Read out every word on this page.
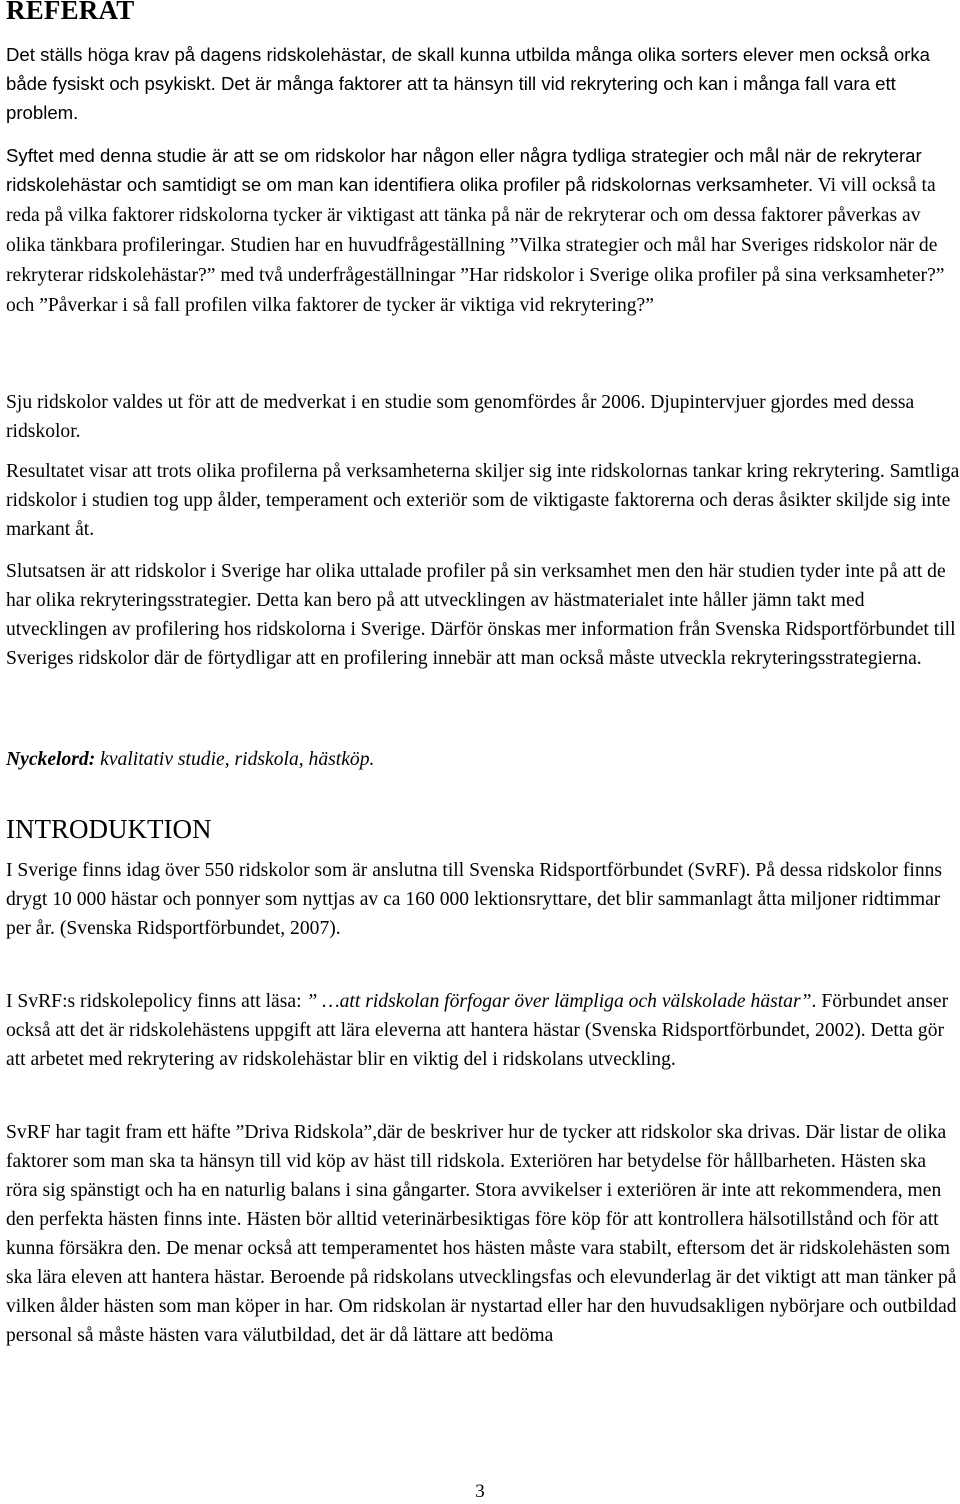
REFERAT

Det ställs höga krav på dagens ridskolehästar, de skall kunna utbilda många olika sorters elever men också orka både fysiskt och psykiskt. Det är många faktorer att ta hänsyn till vid rekrytering och kan i många fall vara ett problem.

Syftet med denna studie är att se om ridskolor har någon eller några tydliga strategier och mål när de rekryterar ridskolehästar och samtidigt se om man kan identifiera olika profiler på ridskolornas verksamheter. Vi vill också ta reda på vilka faktorer ridskolorna tycker är viktigast att tänka på när de rekryterar och om dessa faktorer påverkas av olika tänkbara profileringar. Studien har en huvudfrågeställning ”Vilka strategier och mål har Sveriges ridskolor när de rekryterar ridskolehästar?” med två underfrågeställningar ”Har ridskolor i Sverige olika profiler på sina verksamheter?” och ”Påverkar i så fall profilen vilka faktorer de tycker är viktiga vid rekrytering?”

Sju ridskolor valdes ut för att de medverkat i en studie som genomfördes år 2006. Djupintervjuer gjordes med dessa ridskolor.

Resultatet visar att trots olika profilerna på verksamheterna skiljer sig inte ridskolornas tankar kring rekrytering. Samtliga ridskolor i studien tog upp ålder, temperament och exteriör som de viktigaste faktorerna och deras åsikter skiljde sig inte markant åt.

Slutsatsen är att ridskolor i Sverige har olika uttalade profiler på sin verksamhet men den här studien tyder inte på att de har olika rekryteringsstrategier. Detta kan bero på att utvecklingen av hästmaterialet inte håller jämn takt med utvecklingen av profilering hos ridskolorna i Sverige. Därför önskas mer information från Svenska Ridsportförbundet till Sveriges ridskolor där de förtydligar att en profilering innebär att man också måste utveckla rekryteringsstrategierna.

Nyckelord: kvalitativ studie, ridskola, hästköp.

INTRODUKTION

I Sverige finns idag över 550 ridskolor som är anslutna till Svenska Ridsportförbundet (SvRF). På dessa ridskolor finns drygt 10 000 hästar och ponnyer som nyttjas av ca 160 000 lektionsryttare, det blir sammanlagt åtta miljoner ridtimmar per år. (Svenska Ridsportförbundet, 2007).

I SvRF:s ridskolepolicy finns att läsa: ” …att ridskolan förfogar över lämpliga och välskolade hästar”. Förbundet anser också att det är ridskolehästens uppgift att lära eleverna att hantera hästar (Svenska Ridsportförbundet, 2002). Detta gör att arbetet med rekrytering av ridskolehästar blir en viktig del i ridskolans utveckling.

SvRF har tagit fram ett häfte ”Driva Ridskola”,där de beskriver hur de tycker att ridskolor ska drivas. Där listar de olika faktorer som man ska ta hänsyn till vid köp av häst till ridskola. Exteriören har betydelse för hållbarheten. Hästen ska röra sig spänstigt och ha en naturlig balans i sina gångarter. Stora avvikelser i exteriören är inte att rekommendera, men den perfekta hästen finns inte. Hästen bör alltid veterinärbesiktigas före köp för att kontrollera hälsotillstånd och för att kunna försäkra den. De menar också att temperamentet hos hästen måste vara stabilt, eftersom det är ridskolehästen som ska lära eleven att hantera hästar. Beroende på ridskolans utvecklingsfas och elevunderlag är det viktigt att man tänker på vilken ålder hästen som man köper in har. Om ridskolan är nystartad eller har den huvudsakligen nybörjare och outbildad personal så måste hästen vara välutbildad, det är då lättare att bedöma

3
